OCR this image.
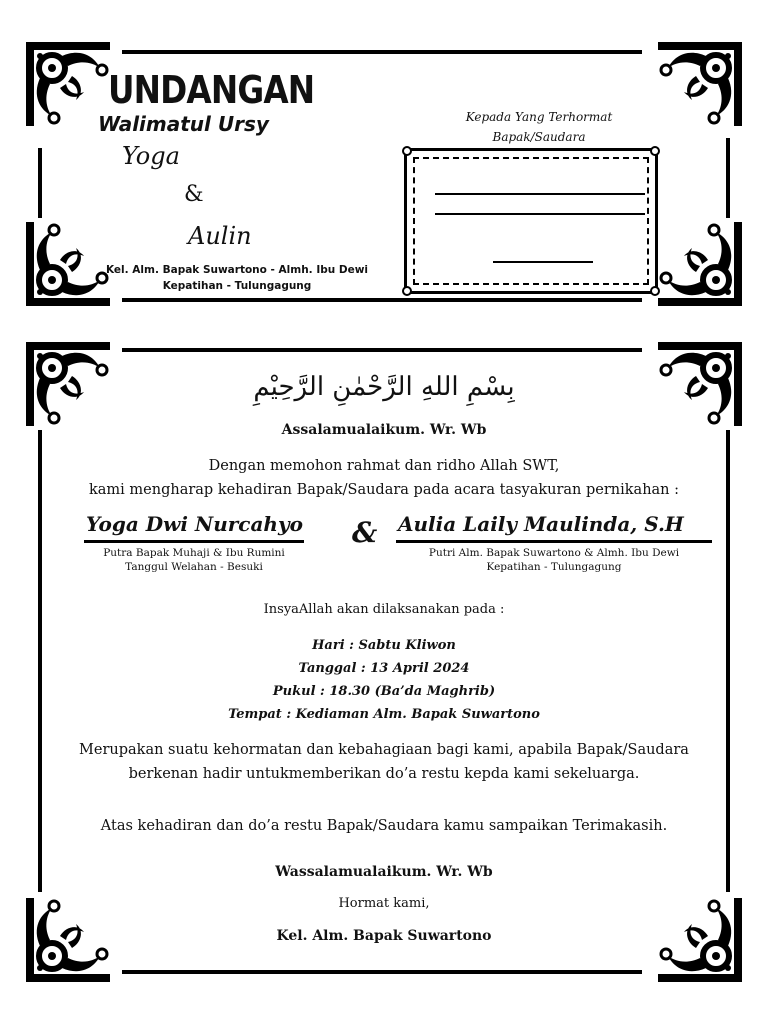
UNDANGAN
Walimatul Ursy
Yoga
&
Aulin
Kel. Alm. Bapak Suwartono - Almh. Ibu Dewi
Kepatihan - Tulungagung
Kepada Yang Terhormat
Bapak/Saudara
بِسْمِ اللهِ الرَّحْمٰنِ الرَّحِيْمِ
Assalamualaikum. Wr. Wb
Dengan memohon rahmat dan ridho Allah SWT,
kami mengharap kehadiran Bapak/Saudara pada acara tasyakuran pernikahan :
Yoga Dwi Nurcahyo & Aulia Laily Maulinda, S.H
Putra Bapak Muhaji & Ibu Rumini
Tanggul Welahan - Besuki
Putri Alm. Bapak Suwartono & Almh. Ibu Dewi
Kepatihan - Tulungagung
InsyaAllah akan dilaksanakan pada :
Hari : Sabtu Kliwon
Tanggal : 13 April 2024
Pukul : 18.30 (Ba’da Maghrib)
Tempat : Kediaman Alm. Bapak Suwartono
Merupakan suatu kehormatan dan kebahagiaan bagi kami, apabila Bapak/Saudara
berkenan hadir untukmemberikan do’a restu kepda kami sekeluarga.
Atas kehadiran dan do’a restu Bapak/Saudara kamu sampaikan Terimakasih.
Wassalamualaikum. Wr. Wb
Hormat kami,
Kel. Alm. Bapak Suwartono
